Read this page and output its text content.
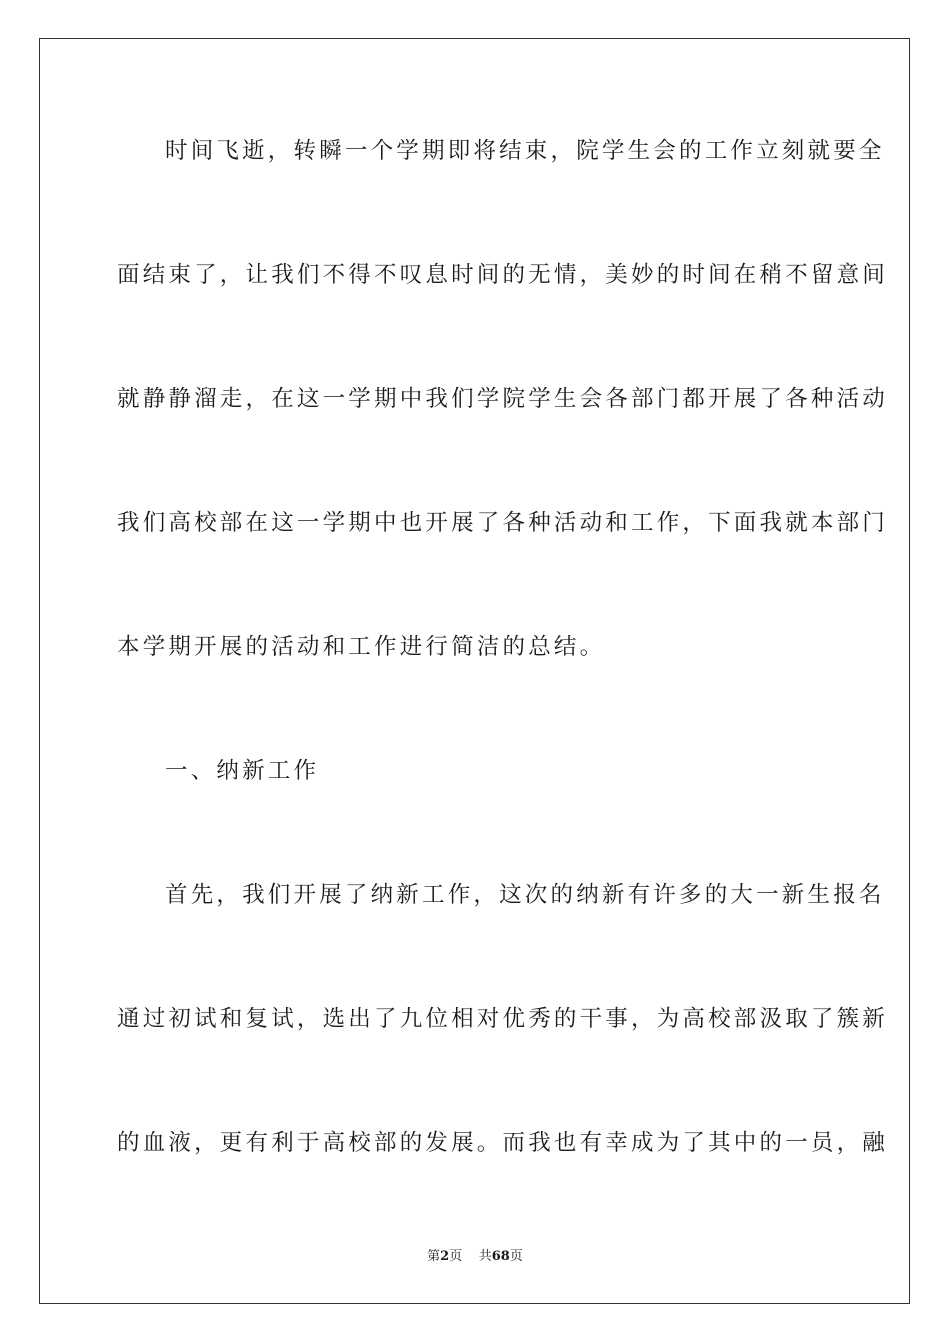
时间飞逝，转瞬一个学期即将结束，院学生会的工作立刻就要全
面结束了，让我们不得不叹息时间的无情，美妙的时间在稍不留意间
就静静溜走，在这一学期中我们学院学生会各部门都开展了各种活动
我们高校部在这一学期中也开展了各种活动和工作，下面我就本部门
本学期开展的活动和工作进行简洁的总结。
一、纳新工作
首先，我们开展了纳新工作，这次的纳新有许多的大一新生报名
通过初试和复试，选出了九位相对优秀的干事，为高校部汲取了簇新
的血液，更有利于高校部的发展。而我也有幸成为了其中的一员，融
第2页 共68页
